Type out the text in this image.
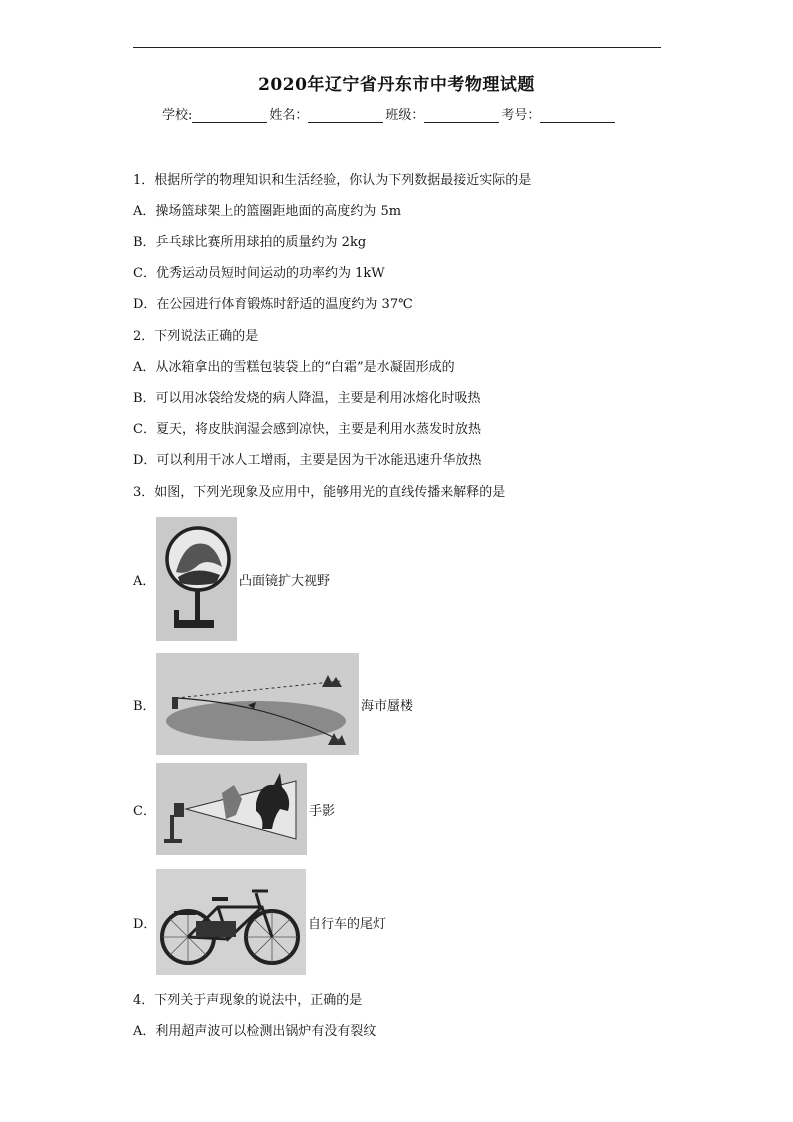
2020年辽宁省丹东市中考物理试题
学校:	姓名：	班级：	考号：
1．根据所学的物理知识和生活经验，你认为下列数据最接近实际的是
A．操场篮球架上的篮圈距地面的高度约为 5m
B．乒乓球比赛所用球拍的质量约为 2kg
C．优秀运动员短时间运动的功率约为 1kW
D．在公园进行体育锻炼时舒适的温度约为 37℃
2．下列说法正确的是
A．从冰箱拿出的雪糕包装袋上的“白霜”是水凝固形成的
B．可以用冰袋给发烧的病人降温，主要是利用冰熔化时吸热
C．夏天，将皮肤润湿会感到凉快，主要是利用水蒸发时放热
D．可以利用干冰人工增雨，主要是因为干冰能迅速升华放热
3．如图，下列光现象及应用中，能够用光的直线传播来解释的是
A．	凸面镜扩大视野
B．	海市蜃楼
C．	手影
D．	自行车的尾灯
4．下列关于声现象的说法中，正确的是
A．利用超声波可以检测出锅炉有没有裂纹
